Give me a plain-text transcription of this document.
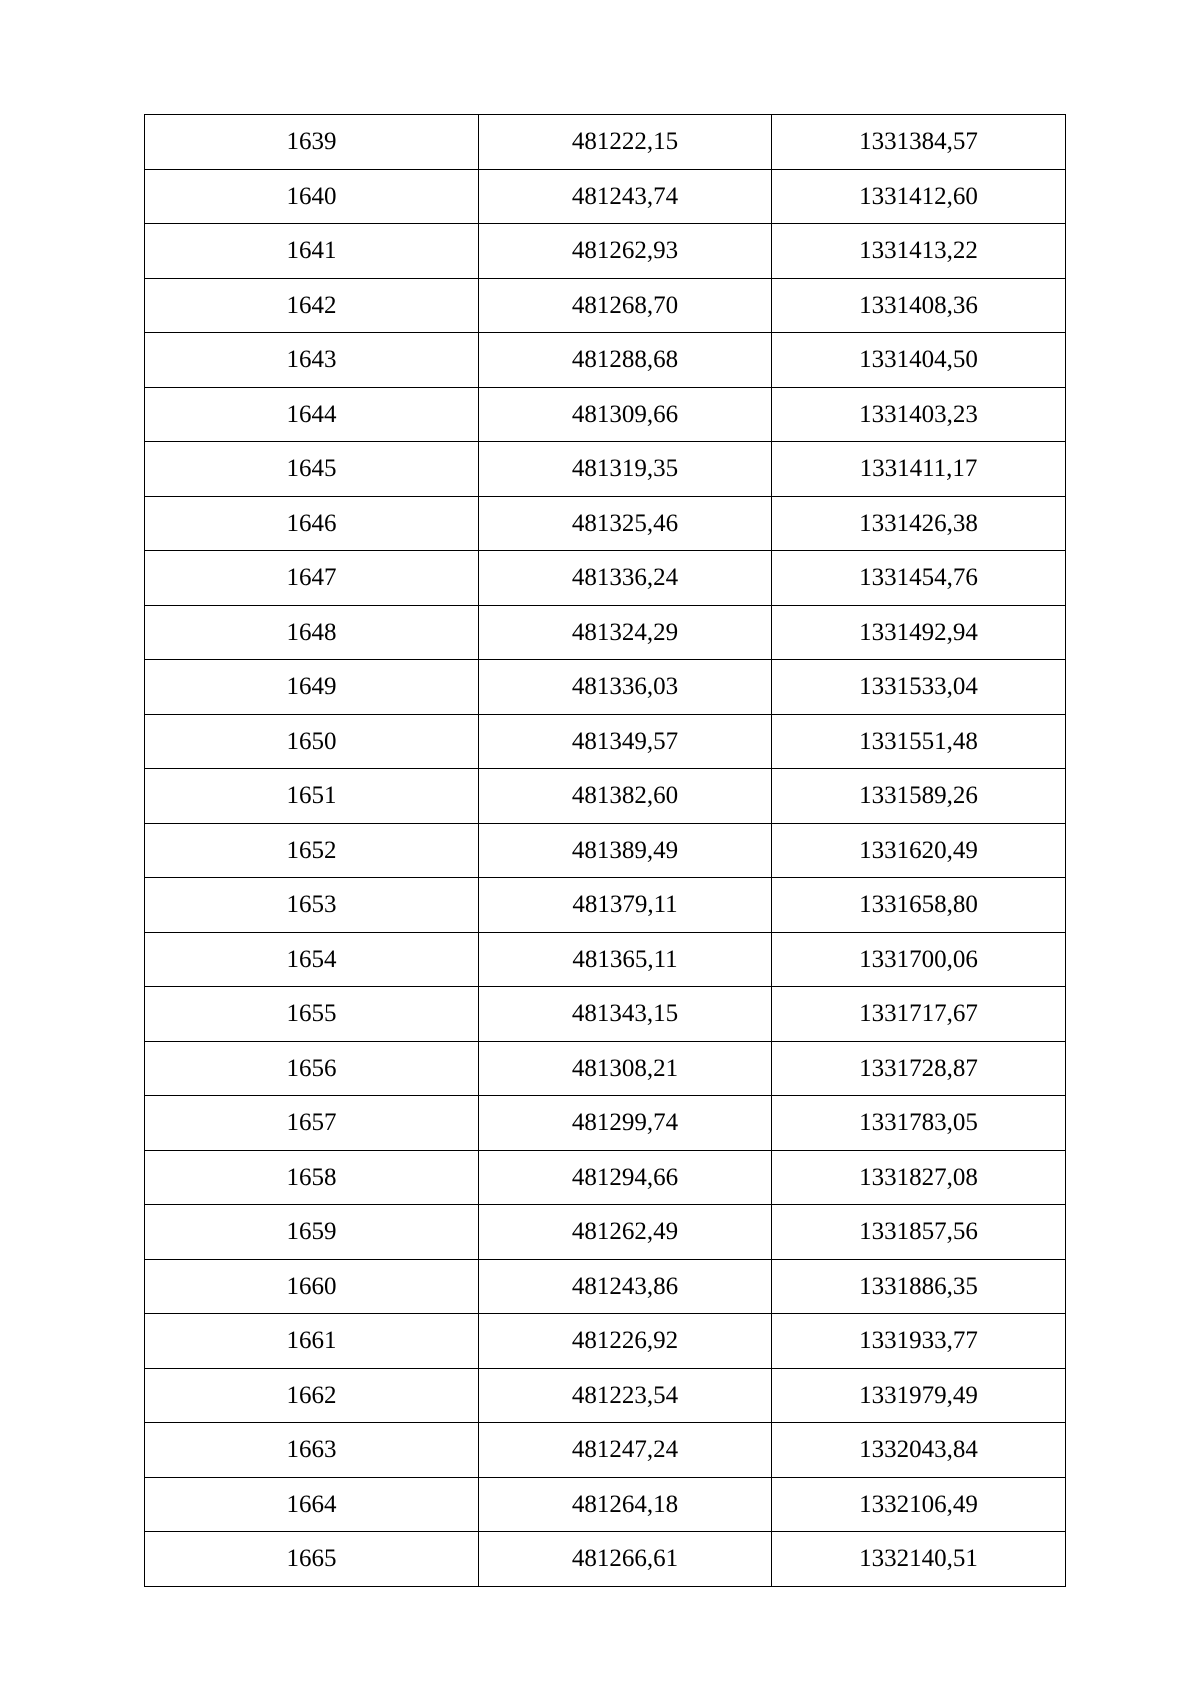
1639	481222,15	1331384,57
1640	481243,74	1331412,60
1641	481262,93	1331413,22
1642	481268,70	1331408,36
1643	481288,68	1331404,50
1644	481309,66	1331403,23
1645	481319,35	1331411,17
1646	481325,46	1331426,38
1647	481336,24	1331454,76
1648	481324,29	1331492,94
1649	481336,03	1331533,04
1650	481349,57	1331551,48
1651	481382,60	1331589,26
1652	481389,49	1331620,49
1653	481379,11	1331658,80
1654	481365,11	1331700,06
1655	481343,15	1331717,67
1656	481308,21	1331728,87
1657	481299,74	1331783,05
1658	481294,66	1331827,08
1659	481262,49	1331857,56
1660	481243,86	1331886,35
1661	481226,92	1331933,77
1662	481223,54	1331979,49
1663	481247,24	1332043,84
1664	481264,18	1332106,49
1665	481266,61	1332140,51
